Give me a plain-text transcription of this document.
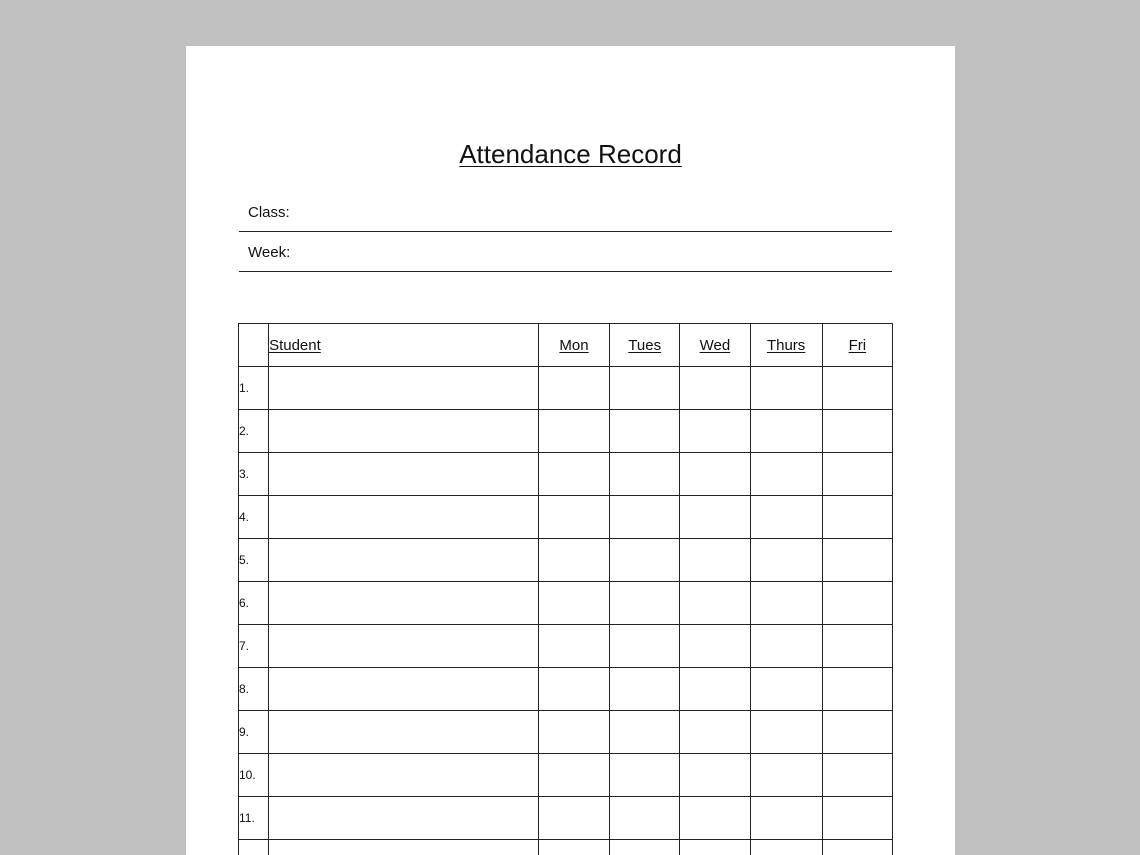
Attendance Record
Class:
Week:
	Student	Mon	Tues	Wed	Thurs	Fri
1.						
2.						
3.						
4.						
5.						
6.						
7.						
8.						
9.						
10.						
11.						
